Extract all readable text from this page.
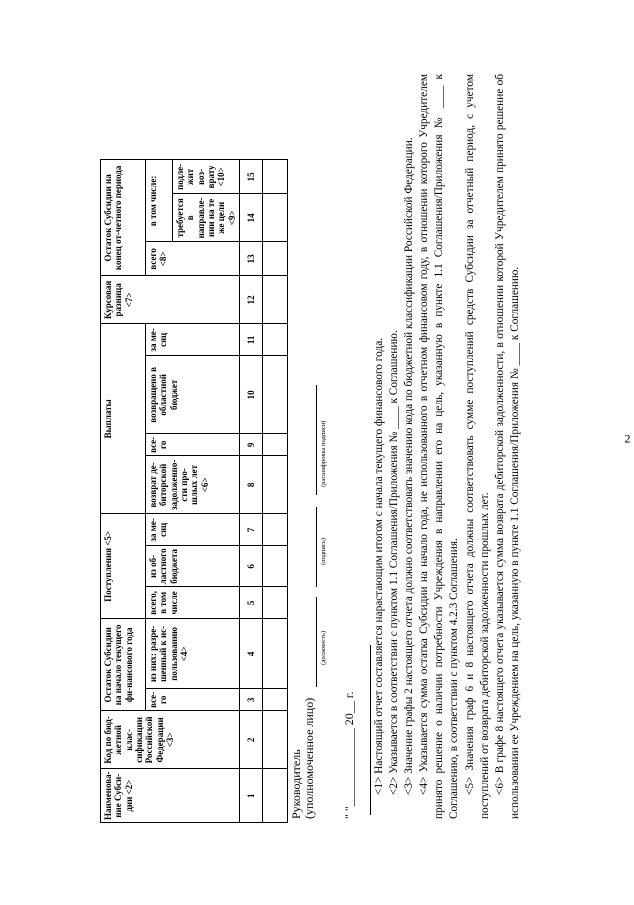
2
Наименова-ние Субси-дии <2>	Код по бюд-жетной клас-сификации Российской Федерации <3>	Остаток Субсидии на начало текущего фи-нансового года		Поступления <5>			Выплаты				Курсовая разница <7>	Остаток Субсидии на конец от-четного периода		
		все-го	из них: разре-шенный к ис-пользованию <4>	всего, в том числе	из об-ластного бюджета	за ме-сяц	возврат де-биторской задолженно-сти про-шлых лет <6>	все-го	возвращено в областной бюджет	за ме-сяц		всего <8>	в том числе:	
													требуется в направле-нии на те же цели <9>	подле-жит воз-врату <10>
1	2	3	4	5	6	7	8	9	10	11	12	13	14	15

Руководитель (уполномоченное лицо)
(должность)
(подпись)
(расшифровка подписи)
" "_____________ 20__ г. <1> Настоящий отчет составляется нарастающим итогом с начала текущего финансового года. <2> Указывается в соответствии с пунктом 1.1 Соглашения/Приложения № ____ к Соглашению. <3> Значение графы 2 настоящего отчета должно соответствовать значению кода по бюджетной классификации Российской Федерации. <4> Указывается сумма остатка Субсидии на начало года, не использованного в отчетном финансовом году, в отношении которого Учредителем принято решение о наличии потребности Учреждения в направлении его на цель, указанную в пункте 1.1 Соглашения/Приложения № ____ к Соглашению, в соответствии с пунктом 4.2.3 Соглашения. <5> Значения граф 6 и 8 настоящего отчета должны соответствовать сумме поступлений средств Субсидии за отчетный период, с учетом поступлений от возврата дебиторской задолженности прошлых лет. <6> В графе 8 настоящего отчета указывается сумма возврата дебиторской задолженности, в отношении которой Учредителем принято решение об использовании ее Учреждением на цель, указанную в пункте 1.1 Соглашения/Приложения № ____ к Соглашению.
